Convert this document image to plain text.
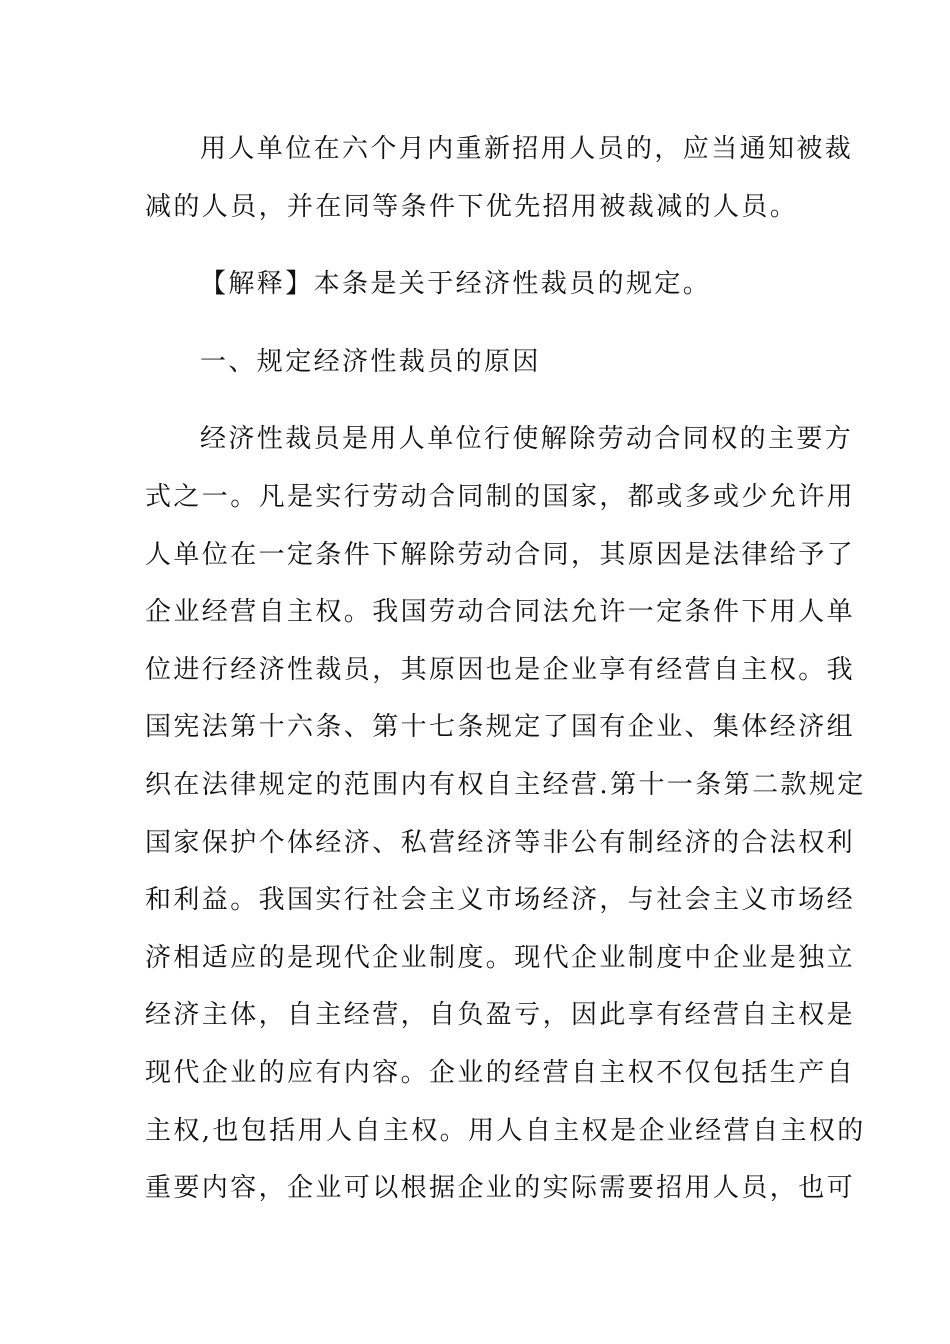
用人单位在六个月内重新招用人员的，应当通知被裁
减的人员，并在同等条件下优先招用被裁减的人员。
【解释】本条是关于经济性裁员的规定。
一、规定经济性裁员的原因
经济性裁员是用人单位行使解除劳动合同权的主要方
式之一。凡是实行劳动合同制的国家，都或多或少允许用
人单位在一定条件下解除劳动合同，其原因是法律给予了
企业经营自主权。我国劳动合同法允许一定条件下用人单
位进行经济性裁员，其原因也是企业享有经营自主权。我
国宪法第十六条、第十七条规定了国有企业、集体经济组
织在法律规定的范围内有权自主经营.第十一条第二款规定
国家保护个体经济、私营经济等非公有制经济的合法权利
和利益。我国实行社会主义市场经济，与社会主义市场经
济相适应的是现代企业制度。现代企业制度中企业是独立
经济主体，自主经营，自负盈亏，因此享有经营自主权是
现代企业的应有内容。企业的经营自主权不仅包括生产自
主权,也包括用人自主权。用人自主权是企业经营自主权的
重要内容，企业可以根据企业的实际需要招用人员，也可
